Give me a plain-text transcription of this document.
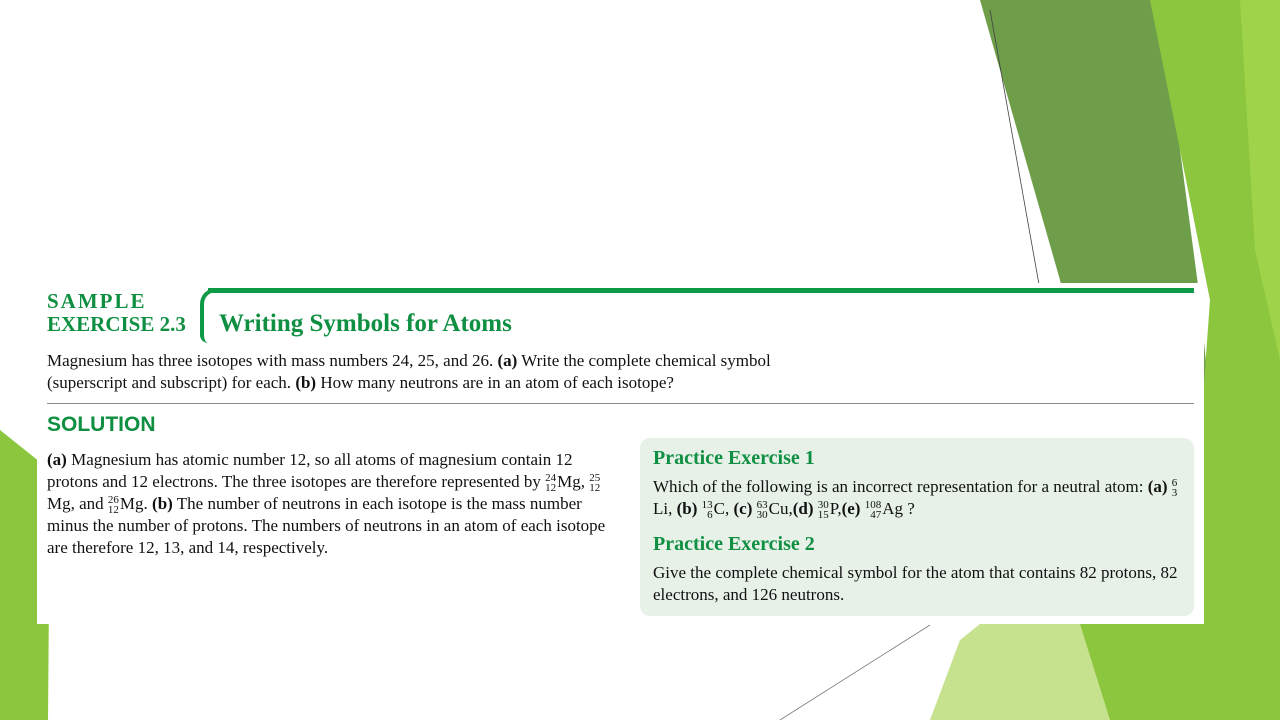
SAMPLE

EXERCISE 2.3 Writing Symbols for Atoms

Magnesium has three isotopes with mass numbers 24, 25, and 26. (a) Write the complete chemical symbol (superscript and subscript) for each. (b) How many neutrons are in an atom of each isotope?

SOLUTION

(a) Magnesium has atomic number 12, so all atoms of magnesium contain 12 protons and 12 electrons. The three isotopes are therefore represented by 24
12 Mg, 25
12
Mg, and 26
12 Mg. (b) The number of neutrons in each isotope is the mass number minus the number of protons. The numbers of neutrons in an atom of each isotope are therefore 12, 13, and 14, respectively.

Practice Exercise 1

Which of the following is an incorrect representation for a neutral atom: (a) 6
3
Li, (b) 13
6 C, (c) 63
30 Cu,(d) 30
15 P,(e) 108
47 Ag ?

Practice Exercise 2

Give the complete chemical symbol for the atom that contains 82 protons, 82 electrons, and 126 neutrons.
